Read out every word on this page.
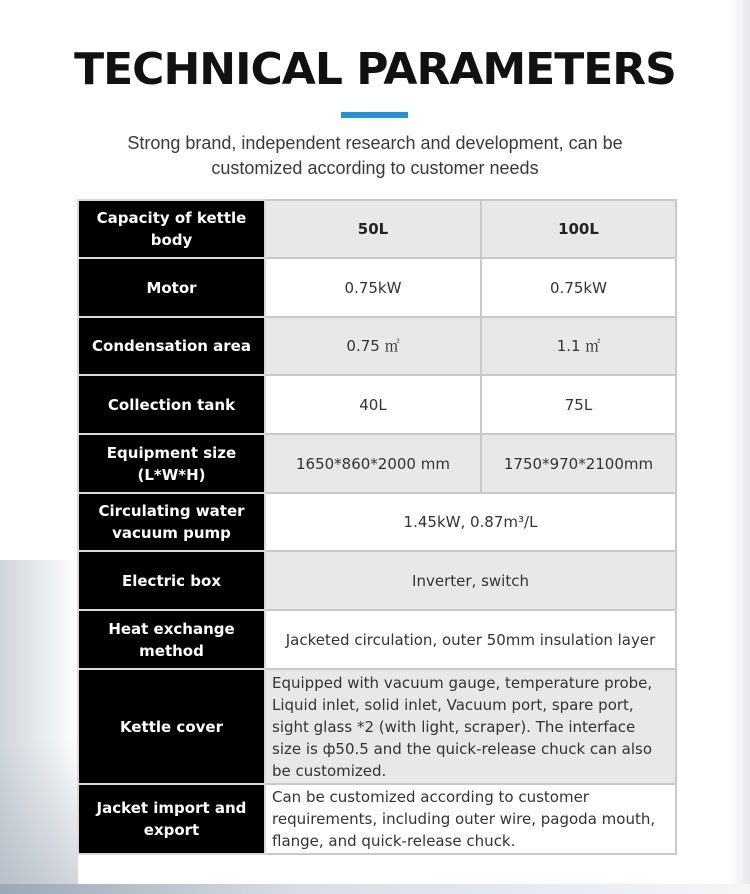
TECHNICAL PARAMETERS

Strong brand, independent research and development, can be customized according to customer needs

Capacity of kettle body	50L	100L
Motor	0.75kW	0.75kW
Condensation area	0.75 ㎡	1.1 ㎡
Collection tank	40L	75L
Equipment size (L*W*H)	1650*860*2000 mm	1750*970*2100mm
Circulating water vacuum pump	1.45kW, 0.87m³/L	
Electric box	Inverter, switch	
Heat exchange method	Jacketed circulation, outer 50mm insulation layer	
Kettle cover	Equipped with vacuum gauge, temperature probe, Liquid inlet, solid inlet, Vacuum port, spare port, sight glass *2 (with light, scraper). The interface size is ф50.5 and the quick-release chuck can also be customized.	
Jacket import and export	Can be customized according to customer requirements, including outer wire, pagoda mouth, flange, and quick-release chuck.	
